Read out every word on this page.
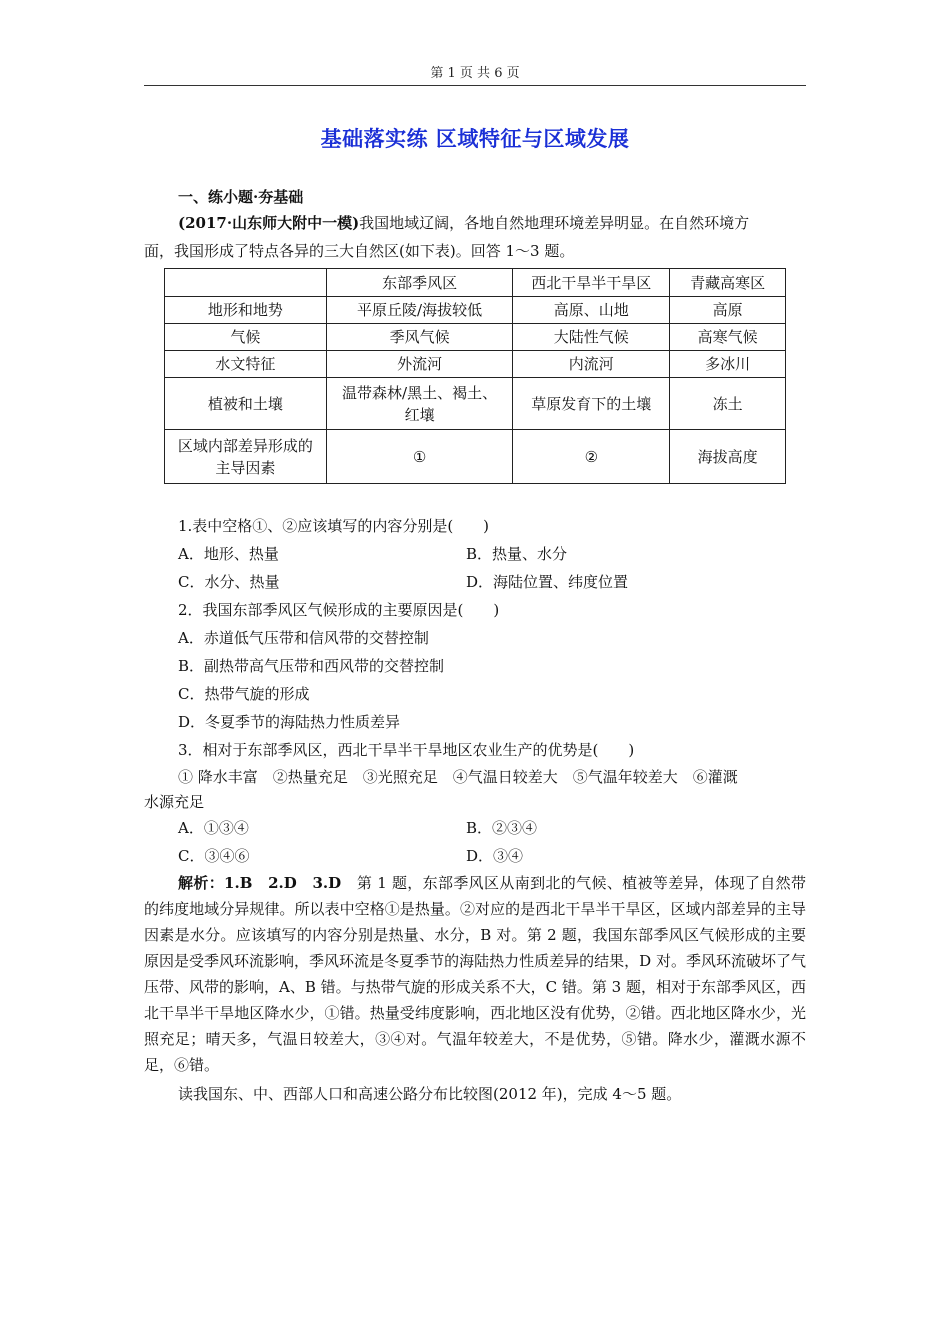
第 1 页 共 6 页
基础落实练 区域特征与区域发展
一、练小题·夯基础
(2017·山东师大附中一模)我国地域辽阔，各地自然地理环境差异明显。在自然环境方
面，我国形成了特点各异的三大自然区(如下表)。回答 1～3 题。
	东部季风区	西北干旱半干旱区	青藏高寒区
地形和地势	平原丘陵/海拔较低	高原、山地	高原
气候	季风气候	大陆性气候	高寒气候
水文特征	外流河	内流河	多冰川
植被和土壤	温带森林/黑土、褐土、红壤	草原发育下的土壤	冻土
区域内部差异形成的主导因素	①	②	海拔高度
1.表中空格①、②应该填写的内容分别是(　　)
A．地形、热量	B．热量、水分
C．水分、热量	D．海陆位置、纬度位置
2．我国东部季风区气候形成的主要原因是(　　)
A．赤道低气压带和信风带的交替控制
B．副热带高气压带和西风带的交替控制
C．热带气旋的形成
D．冬夏季节的海陆热力性质差异
3．相对于东部季风区，西北干旱半干旱地区农业生产的优势是(　　)
① 降水丰富　②热量充足　③光照充足　④气温日较差大　⑤气温年较差大　⑥灌溉
水源充足
A．①③④	B．②③④
C．③④⑥	D．③④
解析：1.B　2.D　3.D　第 1 题，东部季风区从南到北的气候、植被等差异，体现了自然带的纬度地域分异规律。所以表中空格①是热量。②对应的是西北干旱半干旱区，区域内部差异的主导因素是水分。应该填写的内容分别是热量、水分，B 对。第 2 题，我国东部季风区气候形成的主要原因是受季风环流影响，季风环流是冬夏季节的海陆热力性质差异的结果，D 对。季风环流破坏了气压带、风带的影响，A、B 错。与热带气旋的形成关系不大，C 错。第 3 题，相对于东部季风区，西北干旱半干旱地区降水少，①错。热量受纬度影响，西北地区没有优势，②错。西北地区降水少，光照充足；晴天多，气温日较差大，③④对。气温年较差大，不是优势，⑤错。降水少，灌溉水源不足，⑥错。
读我国东、中、西部人口和高速公路分布比较图(2012 年)，完成 4～5 题。
